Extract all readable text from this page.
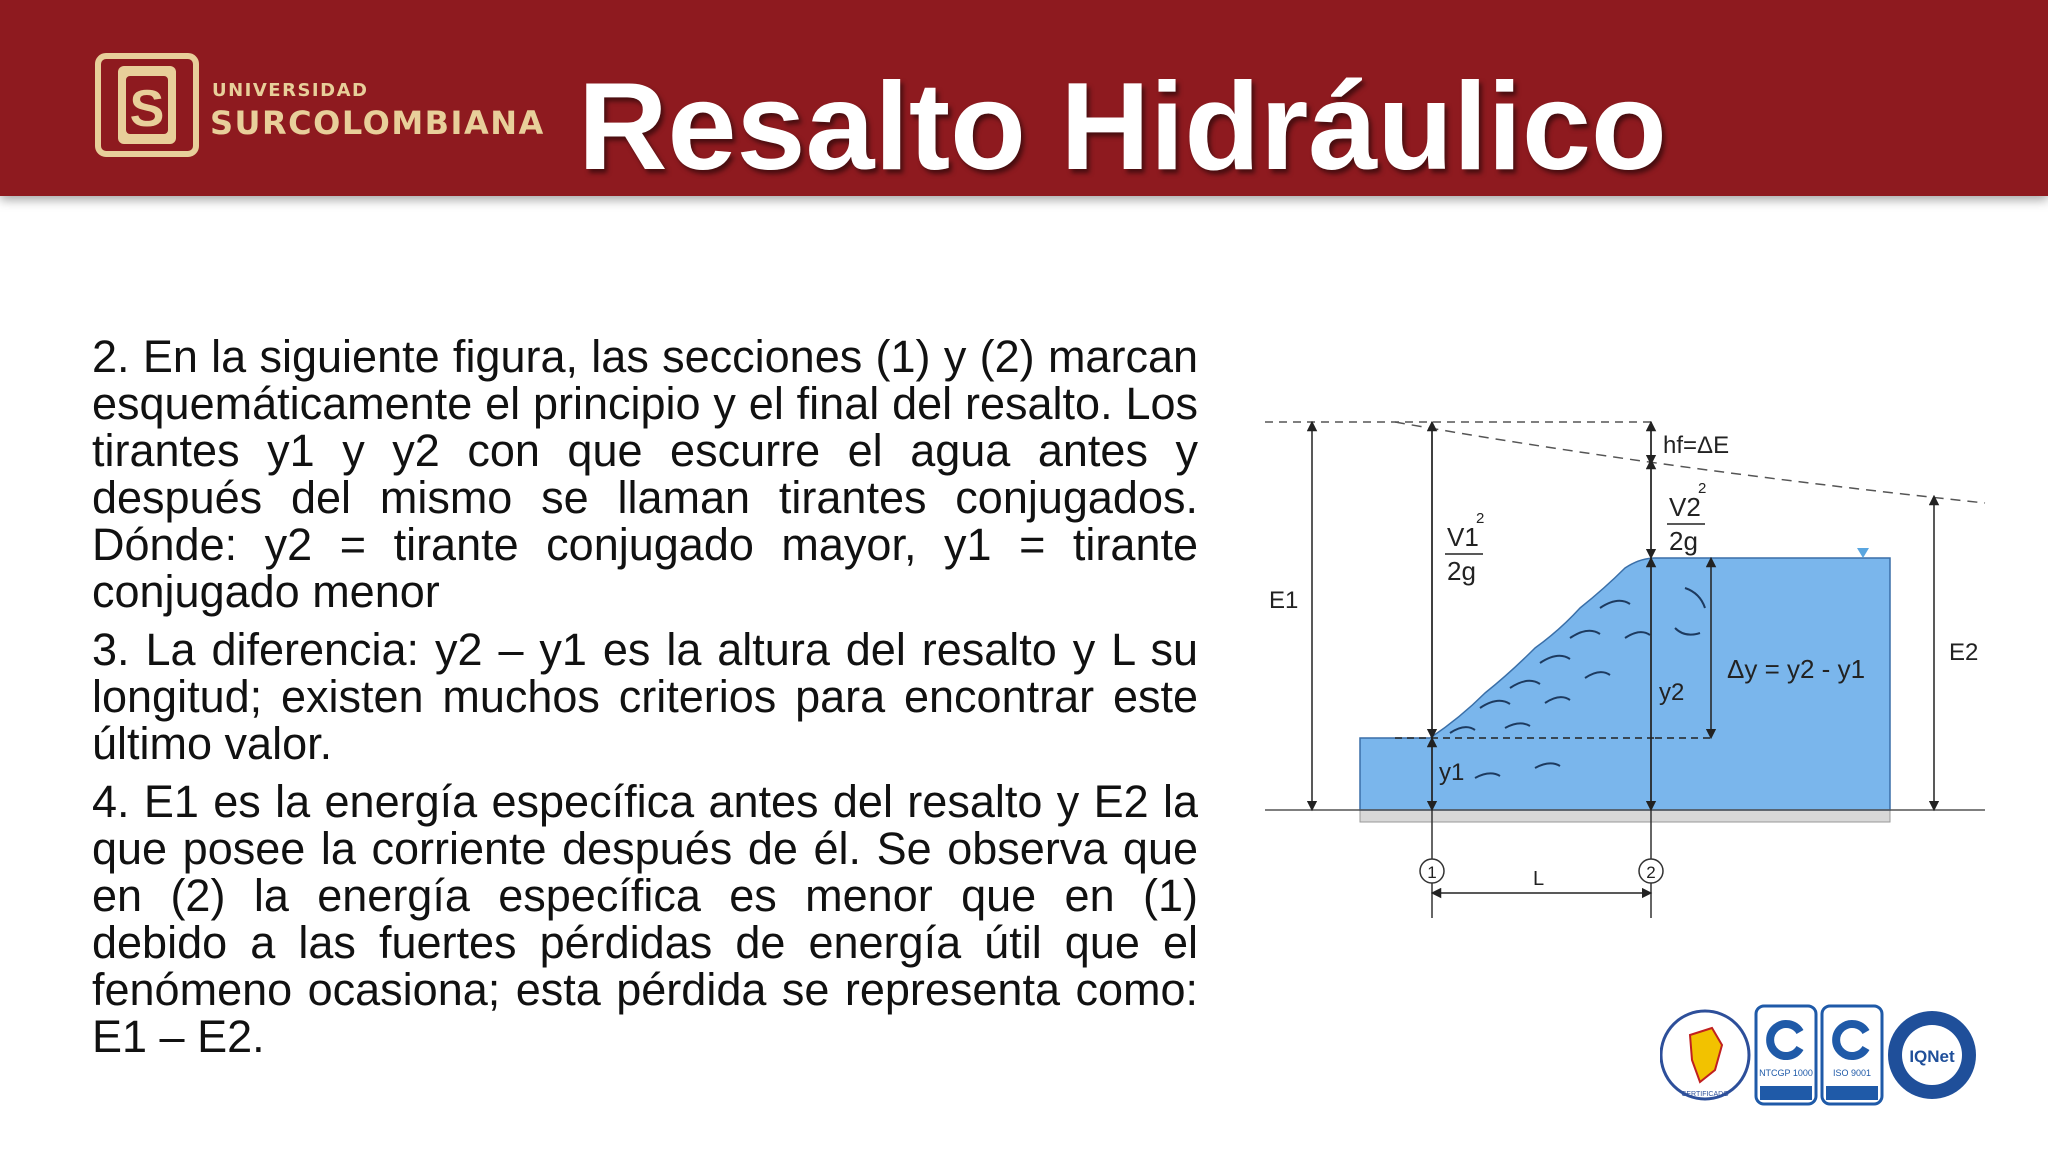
S	UNIVERSIDAD
SURCOLOMBIANA Resalto Hidráulico

2. En la siguiente figura, las secciones (1) y (2) marcan esquemáticamente el principio y el final del resalto. Los tirantes y1 y y2 con que escurre el agua antes y después del mismo se llaman tirantes conjugados. Dónde: y2 = tirante conjugado mayor, y1 = tirante conjugado menor

3. La diferencia: y2 – y1 es la altura del resalto y L su longitud; existen muchos criterios para encontrar este último valor.

4. E1 es la energía específica antes del resalto y E2 la que posee la corriente después de él. Se observa que en (2) la energía específica es menor que en (1) debido a las fuertes pérdidas de energía útil que el fenómeno ocasiona; esta pérdida se representa como: E1 – E2.

hf=ΔE
V1
2
2g
V2
2
2g
E1
E2
y1
y2
Δy = y2 - y1
L
1	2
CERTIFICADO
NTCGP 1000 ISO 9001
IQNet
